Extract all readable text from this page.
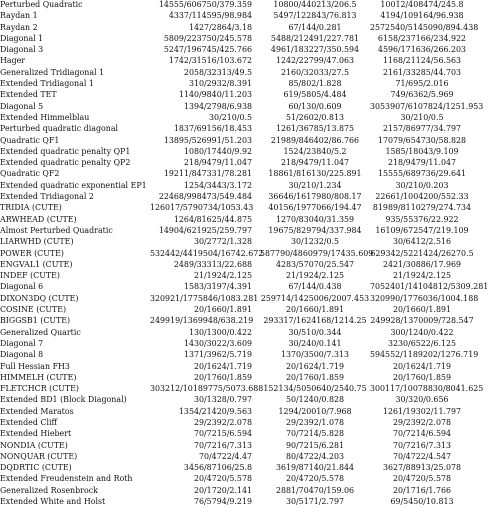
Perturbed Quadratic	14555/606750/379.359	10800/440213/206.5	10012/408474/245.8
Raydan 1	4337/114595/98.984	5497/122843/76.813	4194/109164/96.938
Raydan 2	1427/2864/3.18	67/144/0.281	2572540/5145090/894.438
Diagonal 1	5809/223750/245.578	5488/212491/227.781	6158/237166/234.922
Diagonal 3	5247/196745/425.766	4961/183227/350.594	4596/171636/266.203
Hager	1742/31516/103.672	1242/22799/47.063	1168/21124/56.563
Generalized Tridiagonal 1	2058/32313/49.5	2160/32033/27.5	2161/33285/44.703
Extended Tridiagonal 1	310/2932/8.391	85/802/1.828	71/695/2.016
Extended TET	1140/9840/11.203	619/5805/4.484	749/6362/5.969
Diagonal 5	1394/2798/6.938	60/130/0.609	3053907/6107824/1251.953
Extended Himmelblau	30/210/0.5	51/2602/0.813	30/210/0.5
Perturbed quadratic diagonal	1837/69156/18.453	1261/36785/13.875	2157/86977/34.797
Quadratic QF1	13895/526991/51.203	21989/846402/86.766	17079/654730/58.828
Extended quadratic penalty QP1	1080/17440/9.92	1524/23840/5.2	1585/18043/9.109
Extended quadratic penalty QP2	218/9479/11.047	218/9479/11.047	218/9479/11.047
Quadratic QF2	19211/847331/78.281	18861/816130/225.891	15555/689736/29.641
Extended quadratic exponential EP1	1254/3443/3.172	30/210/1.234	30/210/0.203
Extended Tridiagonal 2	22468/998473/549.484	36646/1617980/808.17	22661/1004200/552.33
TRIDIA (CUTE)	126017/5790734/1053.43	40156/1977066/194.47	81989/8110279/274.734
ARWHEAD (CUTE)	1264/81625/44.875	1270/83040/31.359	935/55376/22.922
Almost Perturbed Quadratic	14904/621925/259.797	19675/829794/337.984	16109/672547/219.109
LIARWHD (CUTE)	30/2772/1.328	30/1232/0.5	30/6412/2.516
POWER (CUTE)	532442/4419504/16742.672	587790/4860979/17435.609	629342/5221424/26270.5
ENGVAL1 (CUTE)	2489/33313/22.688	4283/57070/25.547	2421/30886/17.969
INDEF (CUTE)	21/1924/2.125	21/1924/2.125	21/1924/2.125
Diagonal 6	1583/3197/4.391	67/144/0.438	7052401/14104812/5309.281
DIXON3DQ (CUTE)	320921/1775846/1083.281	259714/1425006/2007.453	320990/1776036/1004.188
COSINE (CUTE)	20/1660/1.891	20/1660/1.891	20/1660/1.891
BIGGSB1 (CUTE)	249919/1369948/638.219	293317/1624168/1214.25	249928/1370009/728.547
Generalized Quartic	130/1300/0.422	30/510/0.344	300/1240/0.422
Diagonal 7	1430/3022/3.609	30/240/0.141	3230/6522/6.125
Diagonal 8	1371/3962/5.719	1370/3500/7.313	594552/1189202/1276.719
Full Hessian FH3	20/1624/1.719	20/1624/1.719	20/1624/1.719
HIMMELH (CUTE)	20/1760/1.859	20/1760/1.859	20/1760/1.859
FLETCHCR (CUTE)	303212/10189775/5073.688	152134/5050640/2540.75	300117/10078830/8041.625
Extended BD1 (Block Diagonal)	30/1328/0.797	50/1240/0.828	30/320/0.656
Extended Maratos	1354/21420/9.563	1294/20010/7.968	1261/19302/11.797
Extended Cliff	29/2392/2.078	29/2392/1.078	29/2392/2.078
Extended Hiebert	70/7215/6.594	70/7214/5.828	70/7214/6.594
NONDIA (CUTE)	70/7216/7.313	90/7215/6.281	70/7216/7.313
NONQUAR (CUTE)	70/4722/4.47	80/4722/4.203	70/4722/4.547
DQDRTIC (CUTE)	3456/87106/25.8	3619/87140/21.844	3627/88913/25.078
Extended Freudenstein and Roth	20/4720/5.578	20/4720/5.578	20/4720/5.578
Generalized Rosenbrock	20/1720/2.141	2881/70470/159.06	20/1716/1.766
Extended White and Holst	76/5794/9.219	30/5171/2.797	69/5450/10.813
